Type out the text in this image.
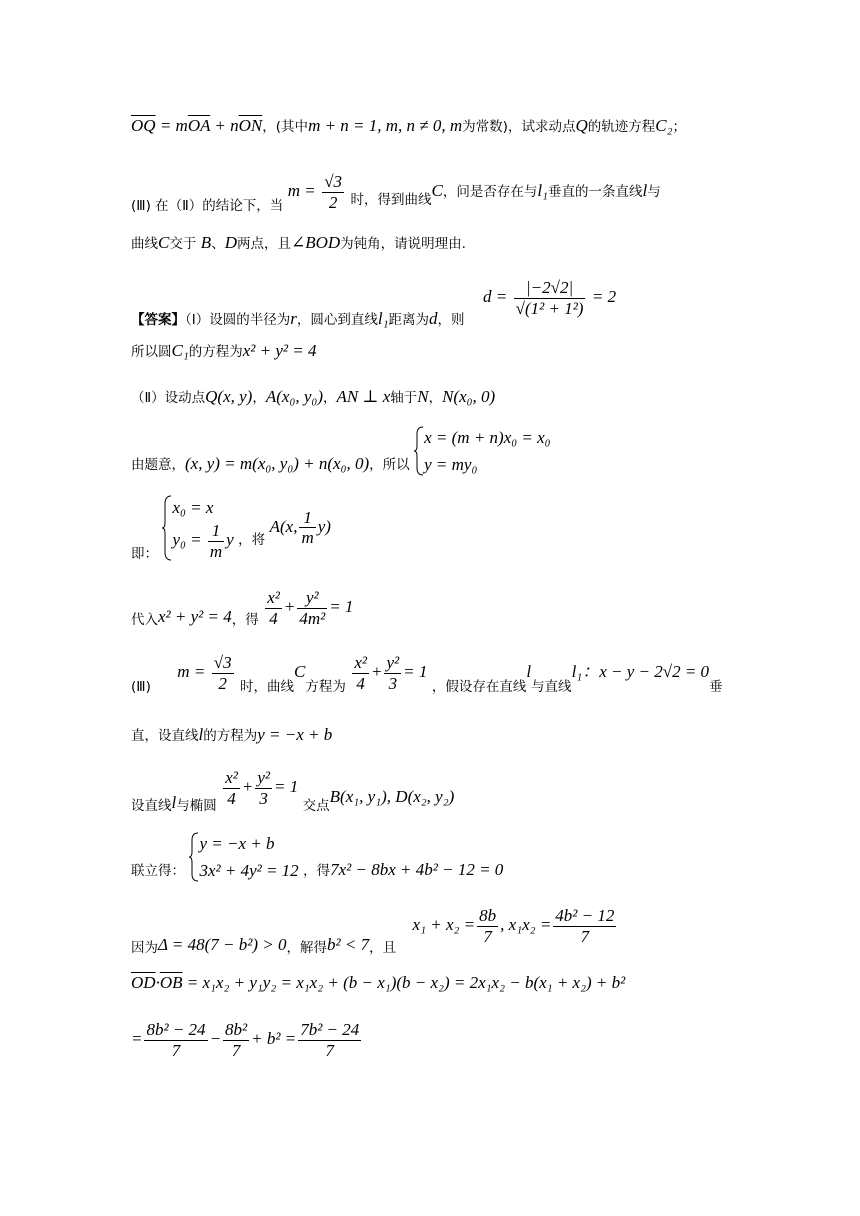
$\overline{OQ} = m\overline{OA} + n\overline{ON}$，(其中m + n = 1, m, n ≠ 0, m为常数)，试求动点Q的轨迹方程C₂；
(Ⅲ) 在（Ⅱ）的结论下，当 $m = \frac{√3}{2}$ 时，得到曲线C，问是否存在与l₁垂直的一条直线l与
曲线C交于 B、D两点，且∠BOD为钝角，请说明理由.
【答案】（Ⅰ）设圆的半径为r，圆心到直线l₁距离为d，则 $d = \frac{|-2√2|}{\text{√(1² + 1²)}} = 2$
所以圆C₁的方程为x² + y² = 4
（Ⅱ）设动点Q(x, y)，A(x₀, y₀)，AN ⊥ x轴于N，N(x₀, 0)
由题意，(x, y) = m(x₀, y₀) + n(x₀, 0)，所以
x = (m + n)x₀ = x₀
y = my₀
即：
x₀ = x
$y_0 = \frac{1}{m}$ y ，将 A(x, $\frac{1}{m} y$)
代入x² + y² = 4，得 $\frac{\text{x²}}{4} + \frac{\text{y²}}{\text{4m²}} = 1$
(Ⅲ) $m = \frac{√3}{2}$ 时，曲线C方程为 $\frac{\text{x²}}{4} + \frac{\text{y²}}{3} = 1$ ，假设存在直线l与直线l₁：x − y − 2√2 = 0垂
直，设直线l的方程为y = −x + b
设直线l与椭圆 $\frac{\text{x²}}{4} + \frac{\text{y²}}{3} = 1$ 交点B(x₁, y₁), D(x₂, y₂)
联立得：
y = −x + b
3x² + 4y² = 12 ，得7x² − 8bx + 4b² − 12 = 0
因为Δ = 48(7 − b²) > 0，解得b² < 7，且 $x_1 + x_2 = \frac{8b}{7}$ , $x_1x_2 = \frac{\text{4b² − 12}}{7}$
$\overline{OD}\cdot\overline{OB} = x_1x_2 + y_1y_2 = x_1x_2 + (b - x_1)(b - x_2) = 2x_1x_2 - b(x_1 + x_2) + b^2$
= $\frac{\text{8b² − 24}}{7} - \frac{\text{8b²}}{7} + b^2 = \frac{\text{7b² − 24}}{7}$
